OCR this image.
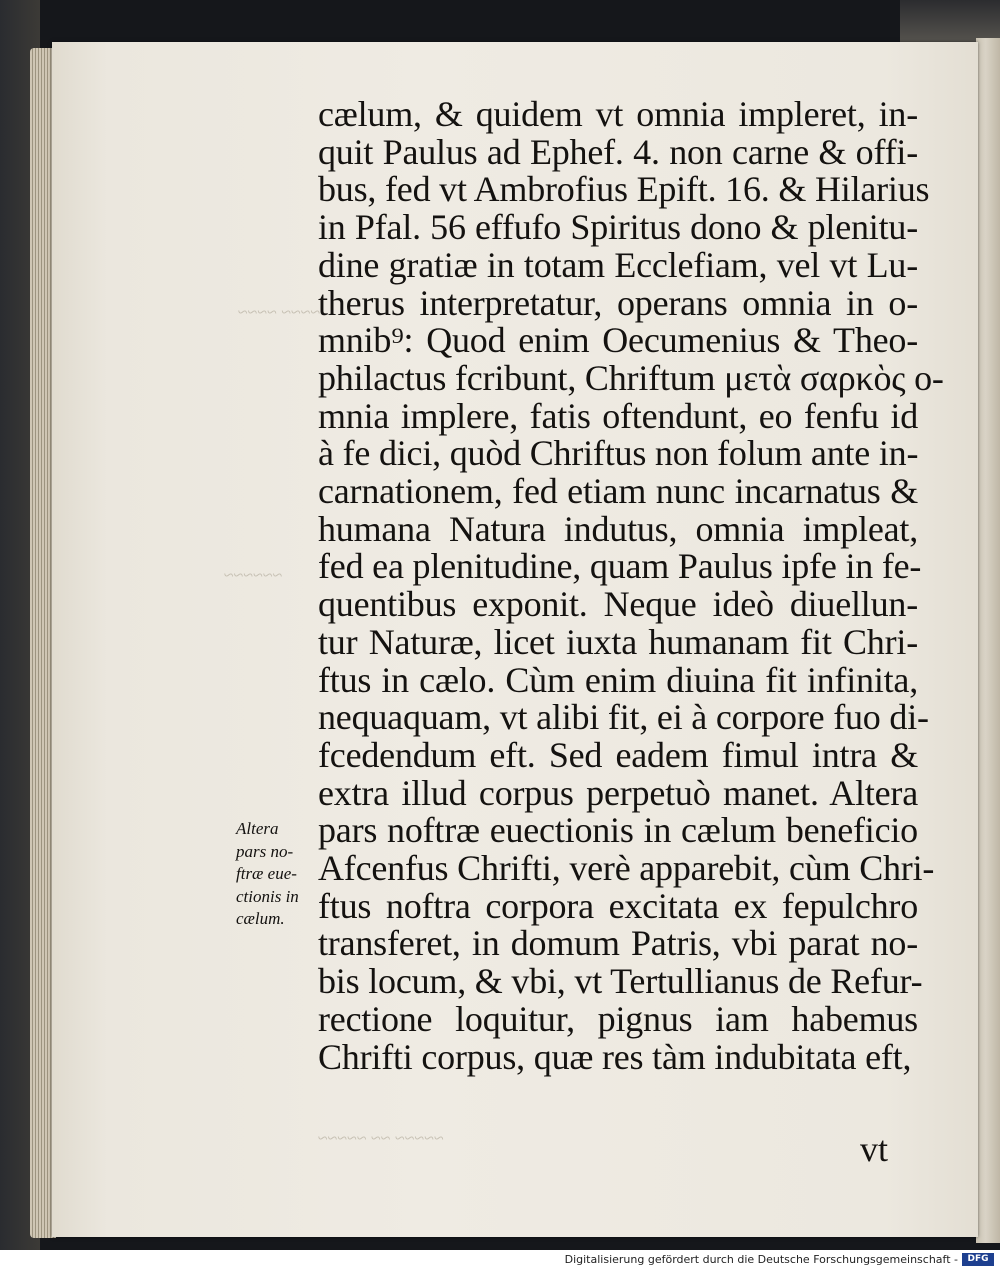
~~~~ ~~~~
~~~~~~
~~~~~ ~~ ~~~~~
cælum, & quidem vt omnia impleret, in-
quit Paulus ad Ephef. 4. non carne & offi-
bus, fed vt Ambrofius Epift. 16. & Hilarius
in Pfal. 56 effufo Spiritus dono & plenitu-
dine gratiæ in totam Ecclefiam, vel vt Lu-
therus interpretatur, operans omnia in o-
mnib⁹: Quod enim Oecumenius & Theo-
philactus fcribunt, Chriftum μετὰ σαρκὸς o-
mnia implere, fatis oftendunt, eo fenfu id
à fe dici, quòd Chriftus non folum ante in-
carnationem, fed etiam nunc incarnatus &
humana Natura indutus, omnia impleat,
fed ea plenitudine, quam Paulus ipfe in fe-
quentibus exponit. Neque ideò diuellun-
tur Naturæ, licet iuxta humanam fit Chri-
ftus in cælo. Cùm enim diuina fit infinita,
nequaquam, vt alibi fit, ei à corpore fuo di-
fcedendum eft. Sed eadem fimul intra &
extra illud corpus perpetuò manet. Altera
pars noftræ euectionis in cælum beneficio
Afcenfus Chrifti, verè apparebit, cùm Chri-
ftus noftra corpora excitata ex fepulchro
transferet, in domum Patris, vbi parat no-
bis locum, & vbi, vt Tertullianus de Refur-
rectione loquitur, pignus iam habemus
Chrifti corpus, quæ res tàm indubitata eft,
vt
Altera
pars no-
ftræ eue-
ctionis in
cælum.
Digitalisierung gefördert durch die Deutsche Forschungsgemeinschaft -	DFG
